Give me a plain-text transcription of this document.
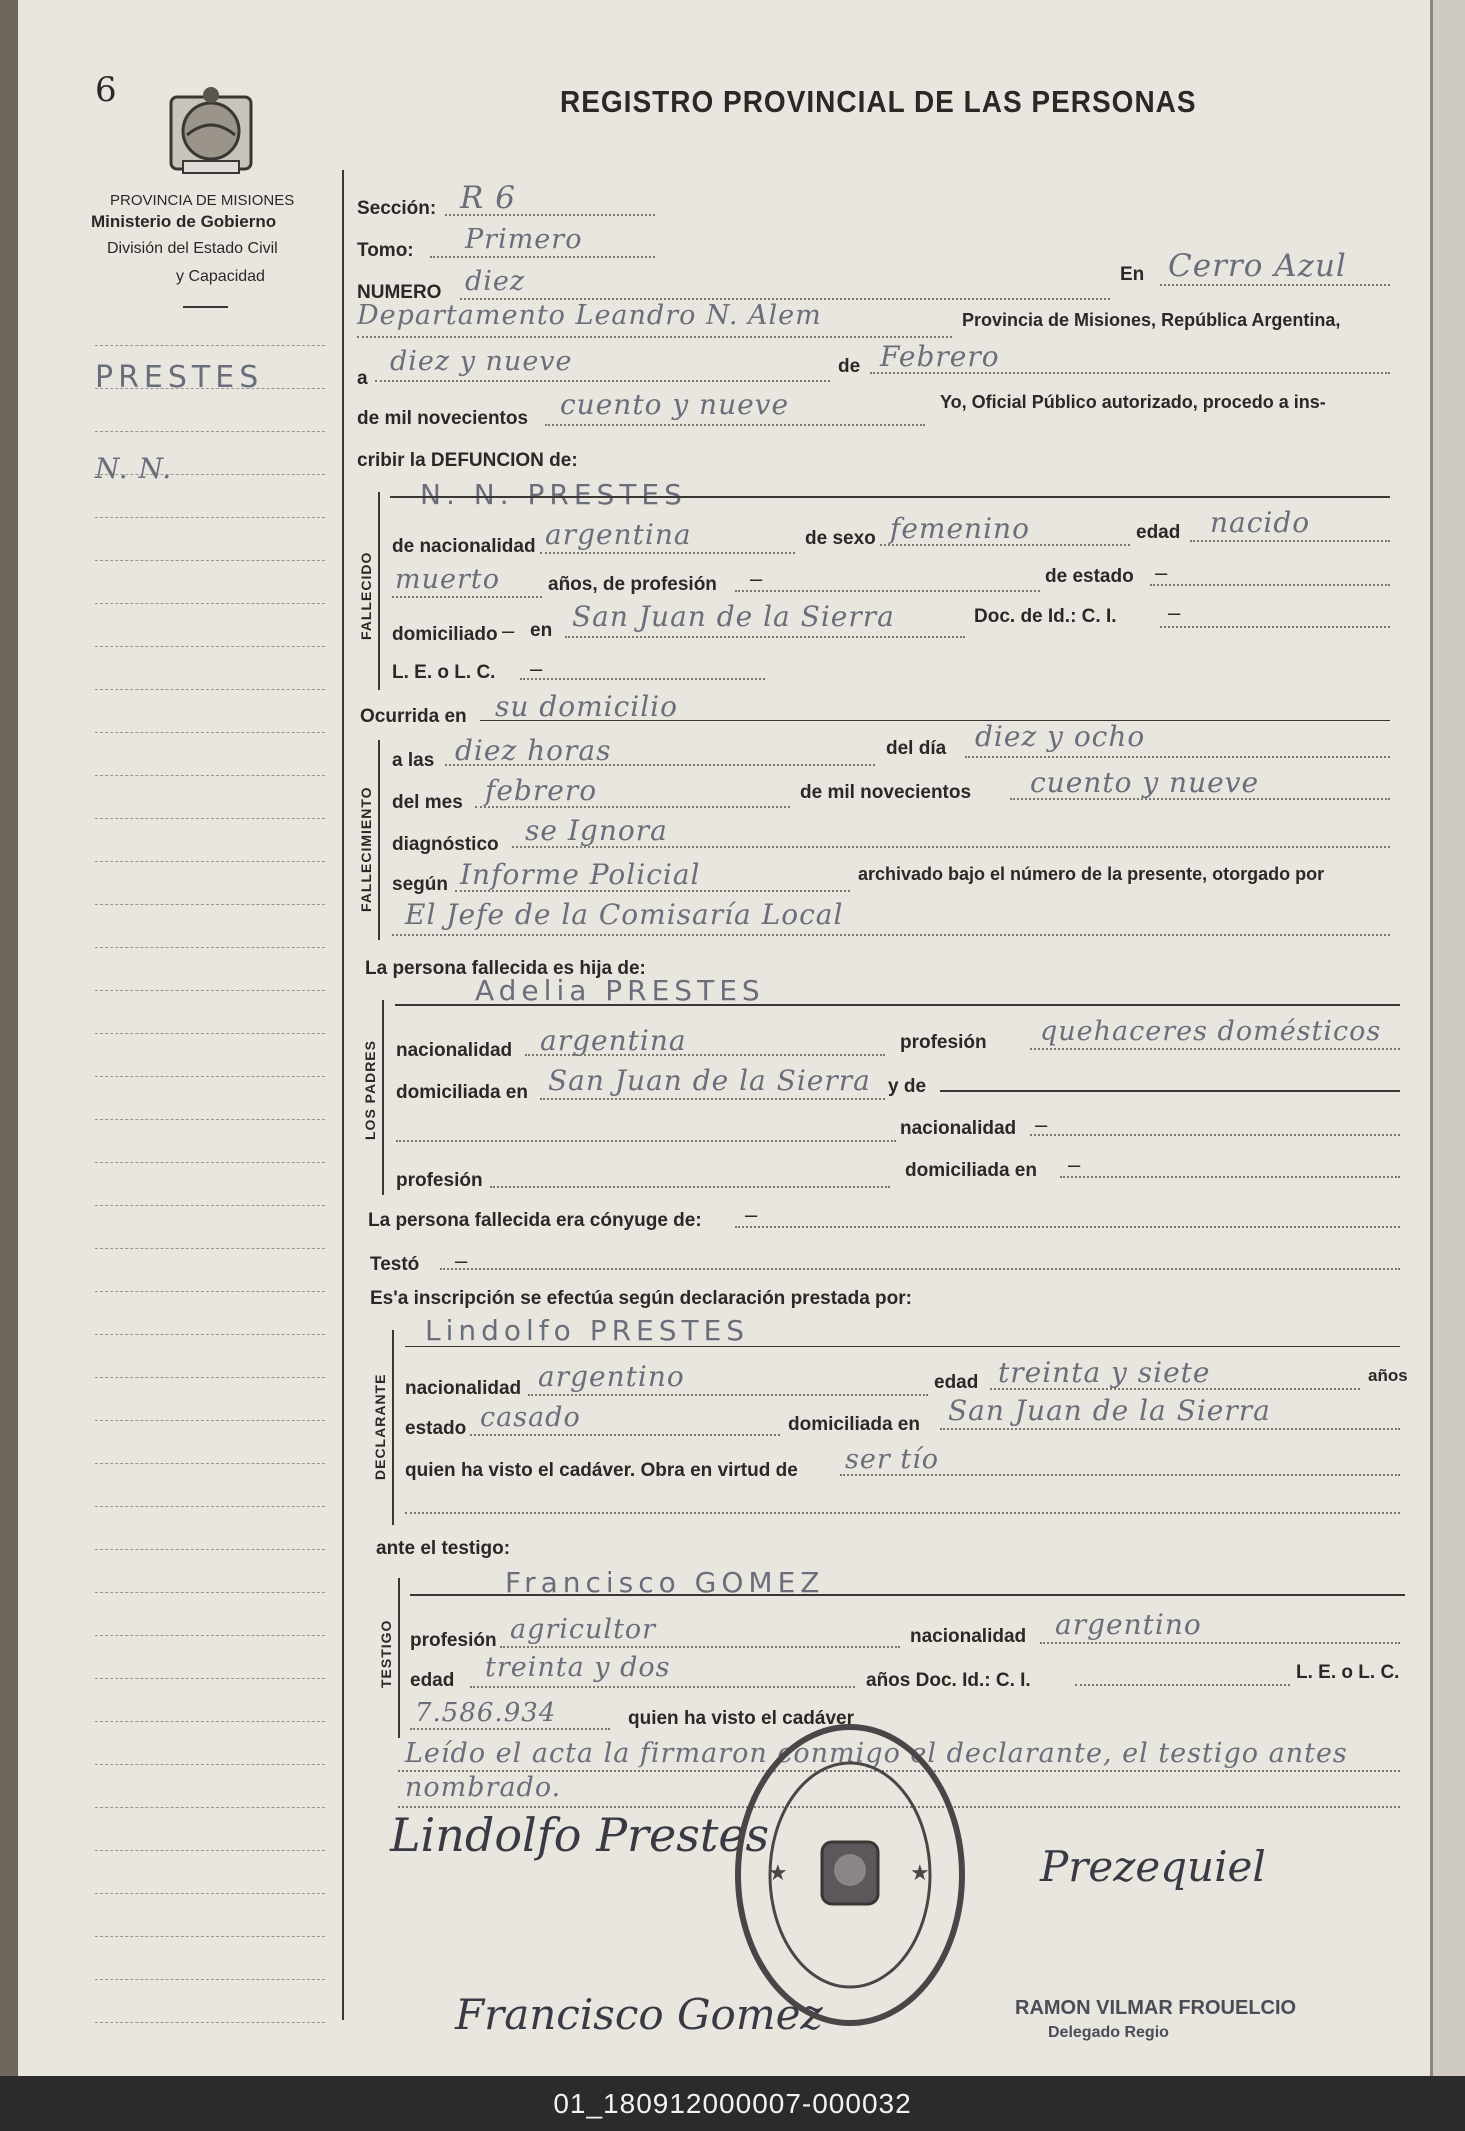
6	REGISTRO PROVINCIAL DE LAS PERSONAS
PROVINCIA DE MISIONES
Ministerio de Gobierno
División del Estado Civil
y Capacidad
PRESTES
N. N.
Sección: R 6
Tomo: Primero
NUMERO diez	En Cerro Azul
Departamento Leandro N. Alem	Provincia de Misiones, República Argentina,
a
diez y nueve	de Febrero
de mil novecientos cuento y nueve	Yo, Oficial Público autorizado, procedo a ins-
cribir la DEFUNCION de:
FALLECIDO
N. N. PRESTES
de nacionalidad argentina	de sexo femenino	edad nacido
muerto	años, de profesión –	de estado –
domiciliado – en San Juan de la Sierra	Doc. de Id.: C. I. –
L. E. o L. C. –
Ocurrida en su domicilio
FALLECIMIENTO
a las diez horas	del día diez y ocho
del mes febrero	de mil novecientos cuento y nueve
diagnóstico se Ignora
según Informe Policial	archivado bajo el número de la presente, otorgado por
El Jefe de la Comisaría Local
La persona fallecida es hija de:
LOS PADRES
Adelia PRESTES
nacionalidad argentina	profesión quehaceres domésticos
domiciliada en San Juan de la Sierra y de
nacionalidad –
profesión	domiciliada en –
La persona fallecida era cónyuge de: –
Testó –
Es'a inscripción se efectúa según declaración prestada por:
DECLARANTE
Lindolfo PRESTES
nacionalidad argentino	edad treinta y siete	años
estado casado	domiciliada en San Juan de la Sierra
quien ha visto el cadáver. Obra en virtud de ser tío
ante el testigo:
TESTIGO
Francisco GOMEZ
profesión agricultor	nacionalidad argentino
edad treinta y dos	años Doc. Id.: C. I.	L. E. o L. C.
7.586.934	quien ha visto el cadáver
Leído el acta la firmaron conmigo el declarante, el testigo antes
nombrado.
Lindolfo Prestes
Francisco Gomez
Prezequiel
★	★
RAMON VILMAR FROUELCIO
Delegado Regio
01_180912000007-000032
